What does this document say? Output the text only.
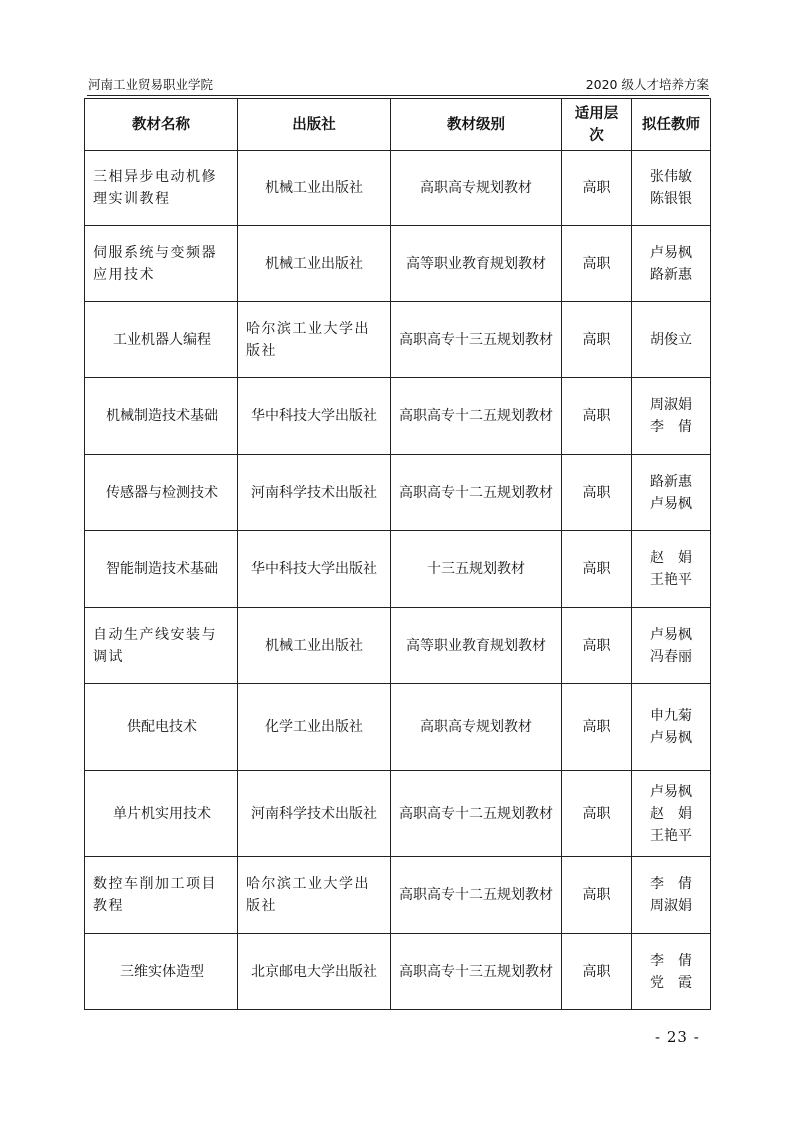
河南工业贸易职业学院	2020 级人才培养方案
教材名称	出版社	教材级别	适用层次	拟任教师
三相异步电动机修理实训教程	机械工业出版社	高职高专规划教材	高职	张伟敏
陈银银

伺服系统与变频器应用技术	机械工业出版社	高等职业教育规划教材	高职	卢易枫
路新惠

工业机器人编程	哈尔滨工业大学出版社	高职高专十三五规划教材	高职	胡俊立

机械制造技术基础	华中科技大学出版社	高职高专十二五规划教材	高职	周淑娟
李　倩

传感器与检测技术	河南科学技术出版社	高职高专十二五规划教材	高职	路新惠
卢易枫

智能制造技术基础	华中科技大学出版社	十三五规划教材	高职	赵　娟
王艳平

自动生产线安装与调试	机械工业出版社	高等职业教育规划教材	高职	卢易枫
冯春丽

供配电技术	化学工业出版社	高职高专规划教材	高职	申九菊
卢易枫

单片机实用技术	河南科学技术出版社	高职高专十二五规划教材	高职	卢易枫
赵　娟
王艳平

数控车削加工项目教程	哈尔滨工业大学出版社	高职高专十二五规划教材	高职	李　倩
周淑娟

三维实体造型	北京邮电大学出版社	高职高专十三五规划教材	高职	李　倩
党　霞
- 23 -
